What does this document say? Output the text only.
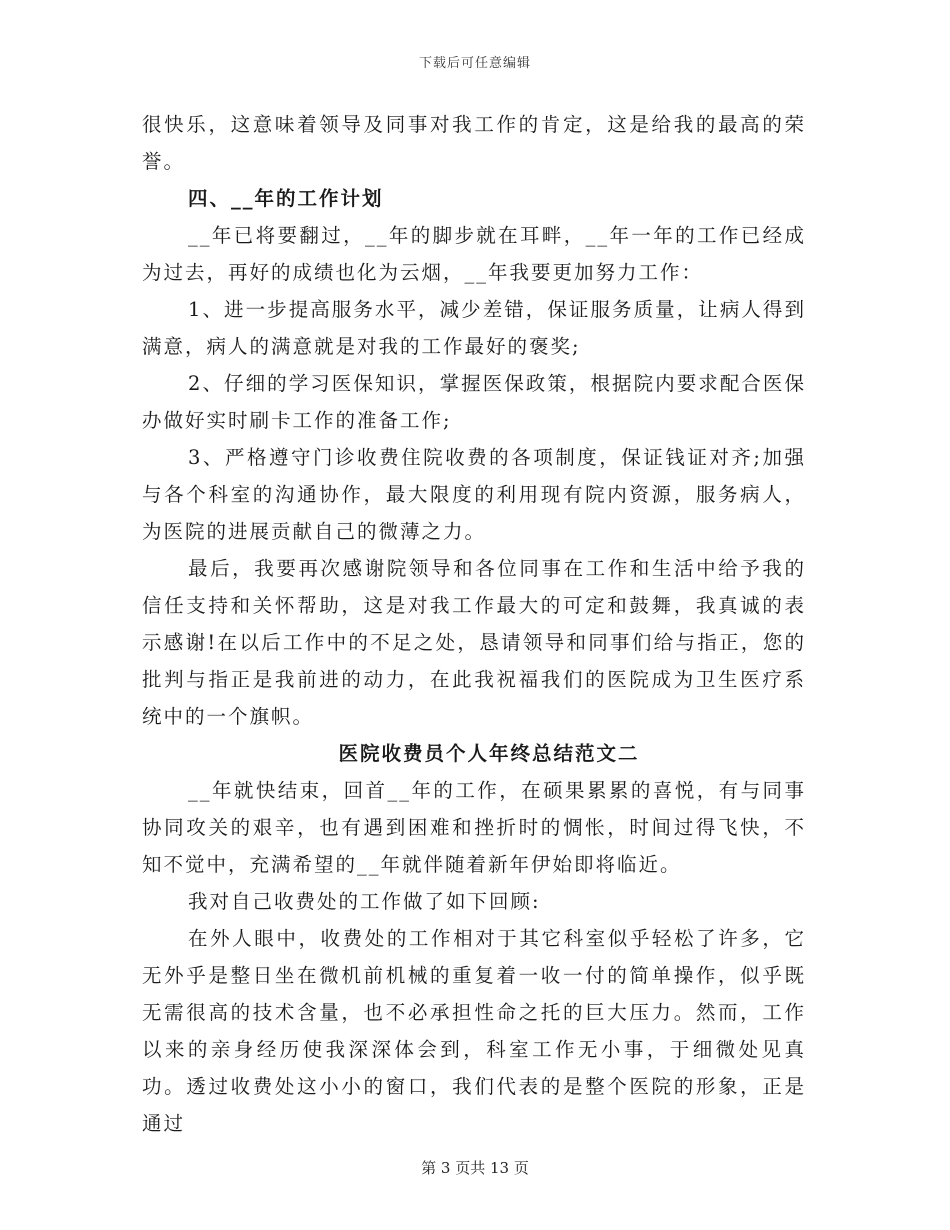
下载后可任意编辑

很快乐，这意味着领导及同事对我工作的肯定，这是给我的最高的荣誉。

四、__年的工作计划

__年已将要翻过，__年的脚步就在耳畔，__年一年的工作已经成为过去，再好的成绩也化为云烟，__年我要更加努力工作：

1、进一步提高服务水平，减少差错，保证服务质量，让病人得到满意，病人的满意就是对我的工作最好的褒奖;

2、仔细的学习医保知识，掌握医保政策，根据院内要求配合医保办做好实时刷卡工作的准备工作;

3、严格遵守门诊收费住院收费的各项制度，保证钱证对齐;加强与各个科室的沟通协作，最大限度的利用现有院内资源，服务病人，为医院的进展贡献自己的微薄之力。

最后，我要再次感谢院领导和各位同事在工作和生活中给予我的信任支持和关怀帮助，这是对我工作最大的可定和鼓舞，我真诚的表示感谢!在以后工作中的不足之处，恳请领导和同事们给与指正，您的批判与指正是我前进的动力，在此我祝福我们的医院成为卫生医疗系统中的一个旗帜。

医院收费员个人年终总结范文二

__年就快结束，回首__年的工作，在硕果累累的喜悦，有与同事协同攻关的艰辛，也有遇到困难和挫折时的惆怅，时间过得飞快，不知不觉中，充满希望的__年就伴随着新年伊始即将临近。

我对自己收费处的工作做了如下回顾:

在外人眼中，收费处的工作相对于其它科室似乎轻松了许多，它无外乎是整日坐在微机前机械的重复着一收一付的简单操作，似乎既无需很高的技术含量，也不必承担性命之托的巨大压力。然而，工作以来的亲身经历使我深深体会到，科室工作无小事，于细微处见真功。透过收费处这小小的窗口，我们代表的是整个医院的形象，正是通过

第 3 页共 13 页
